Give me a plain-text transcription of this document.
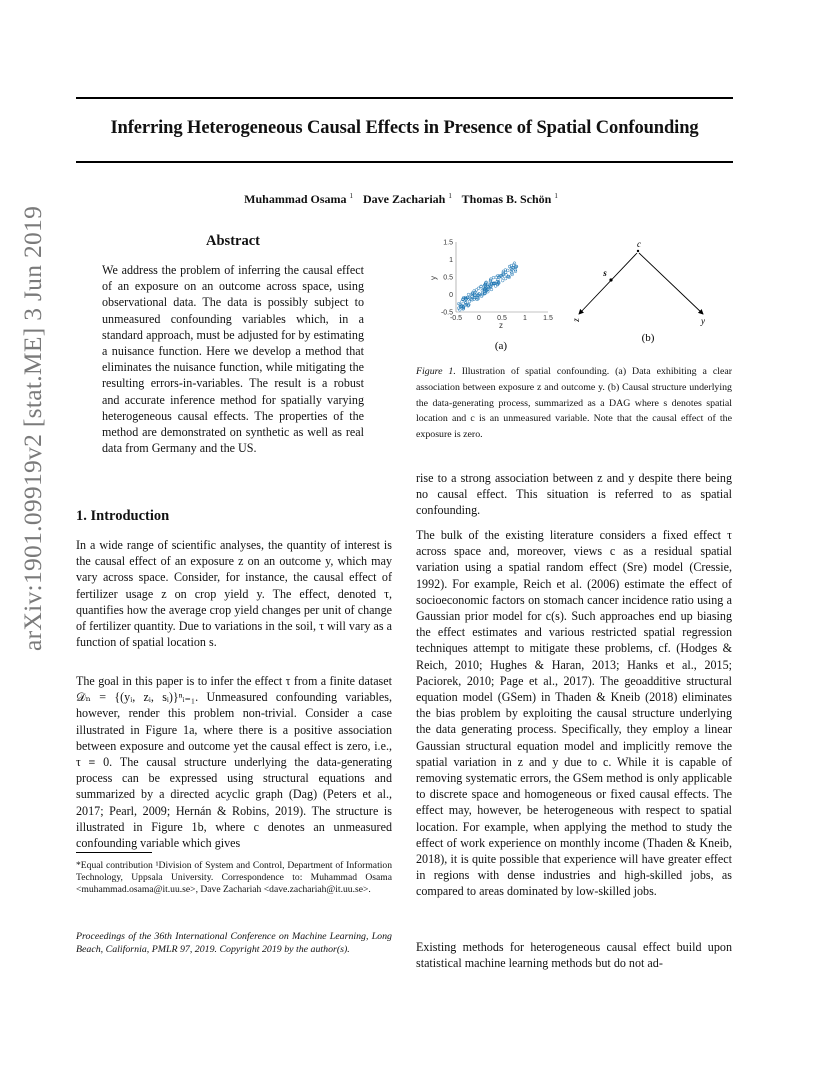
Inferring Heterogeneous Causal Effects in Presence of Spatial Confounding
Muhammad Osama $^1$ Dave Zachariah $^1$ Thomas B. Schön $^1$
arXiv:1901.09919v2 [stat.ME] 3 Jun 2019	Abstract
We address the problem of inferring the causal effect of an exposure on an outcome across space, using observational data. The data is possibly subject to unmeasured confounding variables which, in a standard approach, must be adjusted for by estimating a nuisance function. Here we develop a method that eliminates the nuisance function, while mitigating the resulting errors-in-variables. The result is a robust and accurate inference method for spatially varying heterogeneous causal effects. The properties of the method are demonstrated on synthetic as well as real data from Germany and the US.
1. Introduction
In a wide range of scientific analyses, the quantity of interest is the causal effect of an exposure z on an outcome y, which may vary across space. Consider, for instance, the causal effect of fertilizer usage z on crop yield y. The effect, denoted τ, quantifies how the average crop yield changes per unit of change of fertilizer quantity. Due to variations in the soil, τ will vary as a function of spatial location s.
The goal in this paper is to infer the effect τ from a finite dataset 𝒟ₙ = {(yᵢ, zᵢ, sᵢ)}ⁿᵢ₌₁. Unmeasured confounding variables, however, render this problem non-trivial. Consider a case illustrated in Figure 1a, where there is a positive association between exposure and outcome yet the causal effect is zero, i.e., τ ≡ 0. The causal structure underlying the data-generating process can be expressed using structural equations and summarized by a directed acyclic graph (Dag) (Peters et al., 2017; Pearl, 2009; Hernán & Robins, 2019). The structure is illustrated in Figure 1b, where c denotes an unmeasured confounding variable which gives
*Equal contribution ¹Division of System and Control, Department of Information Technology, Uppsala University. Correspondence to: Muhammad Osama <muhammad.osama@it.uu.se>, Dave Zachariah <dave.zachariah@it.uu.se>.
Proceedings of the 36th International Conference on Machine Learning, Long Beach, California, PMLR 97, 2019. Copyright 2019 by the author(s).
-0.5 0 0.5 1 1.5
-0.5
0
0.5
1
1.5
z
y
(a)
c
s
z	y
(b)
Figure 1. Illustration of spatial confounding. (a) Data exhibiting a clear association between exposure z and outcome y. (b) Causal structure underlying the data-generating process, summarized as a DAG where s denotes spatial location and c is an unmeasured variable. Note that the causal effect of the exposure is zero.
rise to a strong association between z and y despite there being no causal effect. This situation is referred to as spatial confounding.
The bulk of the existing literature considers a fixed effect τ across space and, moreover, views c as a residual spatial variation using a spatial random effect (Sre) model (Cressie, 1992). For example, Reich et al. (2006) estimate the effect of socioeconomic factors on stomach cancer incidence ratio using a Gaussian prior model for c(s). Such approaches end up biasing the effect estimates and various restricted spatial regression techniques attempt to mitigate these problems, cf. (Hodges & Reich, 2010; Hughes & Haran, 2013; Hanks et al., 2015; Paciorek, 2010; Page et al., 2017). The geoadditive structural equation model (GSem) in Thaden & Kneib (2018) eliminates the bias problem by exploiting the causal structure underlying the data generating process. Specifically, they employ a linear Gaussian structural equation model and implicitly remove the spatial variation in z and y due to c. While it is capable of removing systematic errors, the GSem method is only applicable to discrete space and homogeneous or fixed causal effects. The effect may, however, be heterogeneous with respect to spatial location. For example, when applying the method to study the effect of work experience on monthly income (Thaden & Kneib, 2018), it is quite possible that experience will have greater effect in regions with dense industries and high-skilled jobs, as compared to areas dominated by low-skilled jobs.
Existing methods for heterogeneous causal effect build upon statistical machine learning methods but do not ad-
